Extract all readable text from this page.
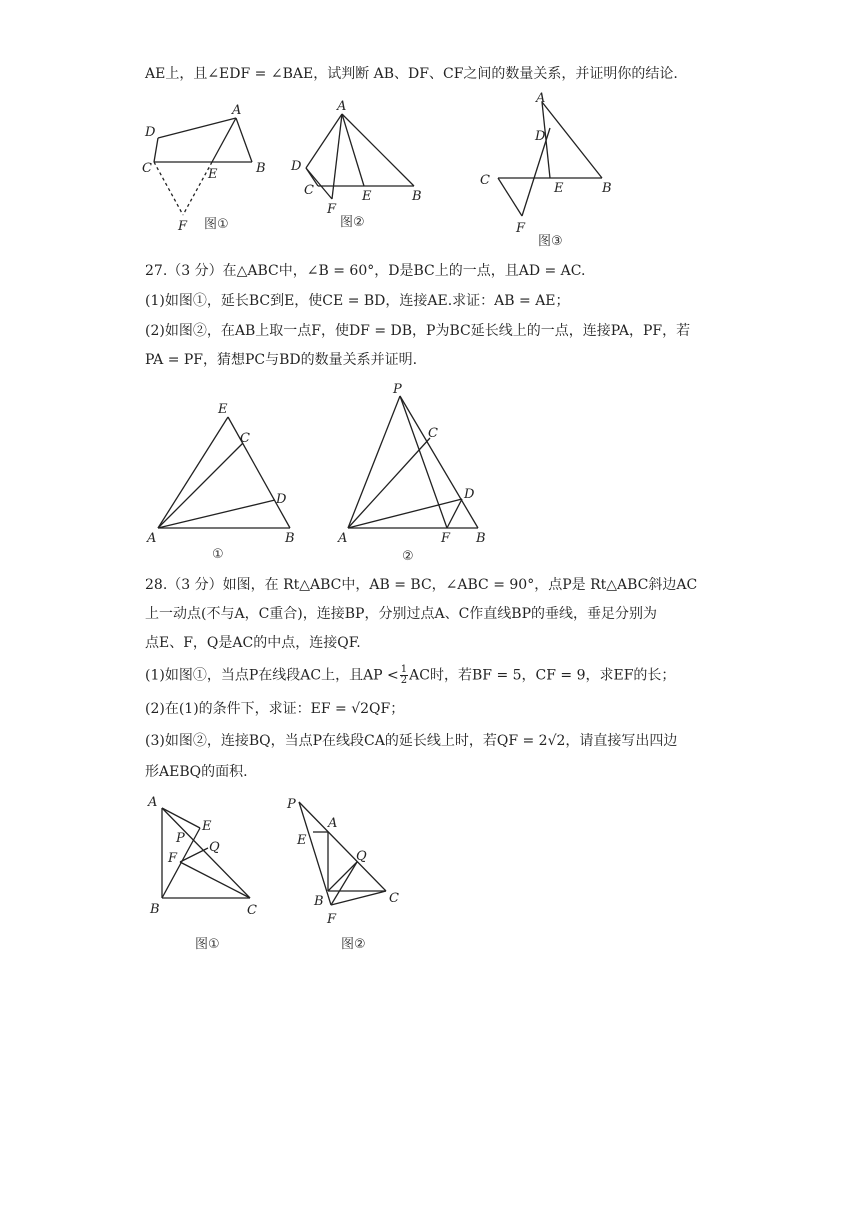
AE上，且∠EDF = ∠BAE，试判断 AB、DF、CF之间的数量关系，并证明你的结论.
D
A
C	E	B
F 图①
A
D
C	E	B
F
图②
A
D
C
E	B
F
图③
27.（3 分）在△ABC中，∠B = 60°，D是BC上的一点，且AD = AC.
(1)如图①，延长BC到E，使CE = BD，连接AE.求证：AB = AE；
(2)如图②，在AB上取一点F，使DF = DB，P为BC延长线上的一点，连接PA，PF，若
PA = PF，猜想PC与BD的数量关系并证明.
E
C
D
A	B
①
P
C
D
A	F B
②
28.（3 分）如图，在 Rt△ABC中，AB = BC，∠ABC = 90°，点P是 Rt△ABC斜边AC
上一动点(不与A，C重合)，连接BP，分别过点A、C作直线BP的垂线，垂足分别为
点E、F，Q是AC的中点，连接QF.
(1)如图①，当点P在线段AC上，且AP < $\frac{1}{2}$ AC时，若BF = 5，CF = 9，求EF的长；
(2)在(1)的条件下，求证：EF = √2QF；
(3)如图②，连接BQ，当点P在线段CA的延长线上时，若QF = 2√2，请直接写出四边
形AEBQ的面积.
A
E
P
Q
F
B	C
图①
P
A
E
Q
B	C
F
图②
